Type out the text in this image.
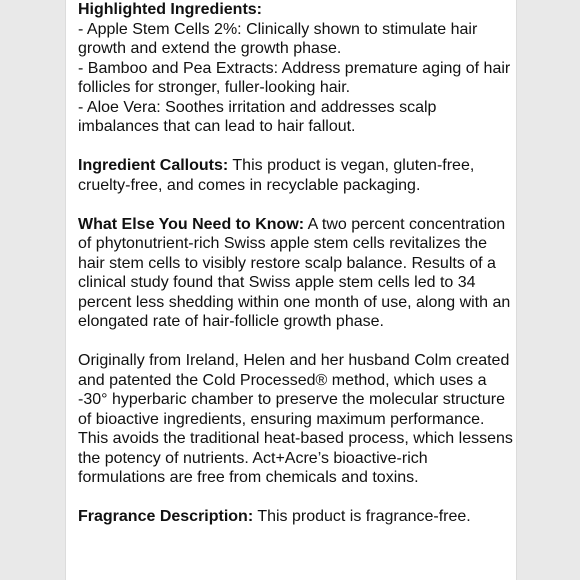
Highlighted Ingredients:

- Apple Stem Cells 2%: Clinically shown to stimulate hair growth and extend the growth phase.

- Bamboo and Pea Extracts: Address premature aging of hair follicles for stronger, fuller-looking hair.

- Aloe Vera: Soothes irritation and addresses scalp imbalances that can lead to hair fallout.

Ingredient Callouts: This product is vegan, gluten-free, cruelty-free, and comes in recyclable packaging.

What Else You Need to Know: A two percent concentration of phytonutrient-rich Swiss apple stem cells revitalizes the hair stem cells to visibly restore scalp balance. Results of a clinical study found that Swiss apple stem cells led to 34 percent less shedding within one month of use, along with an elongated rate of hair-follicle growth phase.

Originally from Ireland, Helen and her husband Colm created and patented the Cold Processed® method, which uses a -30° hyperbaric chamber to preserve the molecular structure of bioactive ingredients, ensuring maximum performance. This avoids the traditional heat-based process, which lessens the potency of nutrients. Act+Acre’s bioactive-rich formulations are free from chemicals and toxins.

Fragrance Description: This product is fragrance-free.
